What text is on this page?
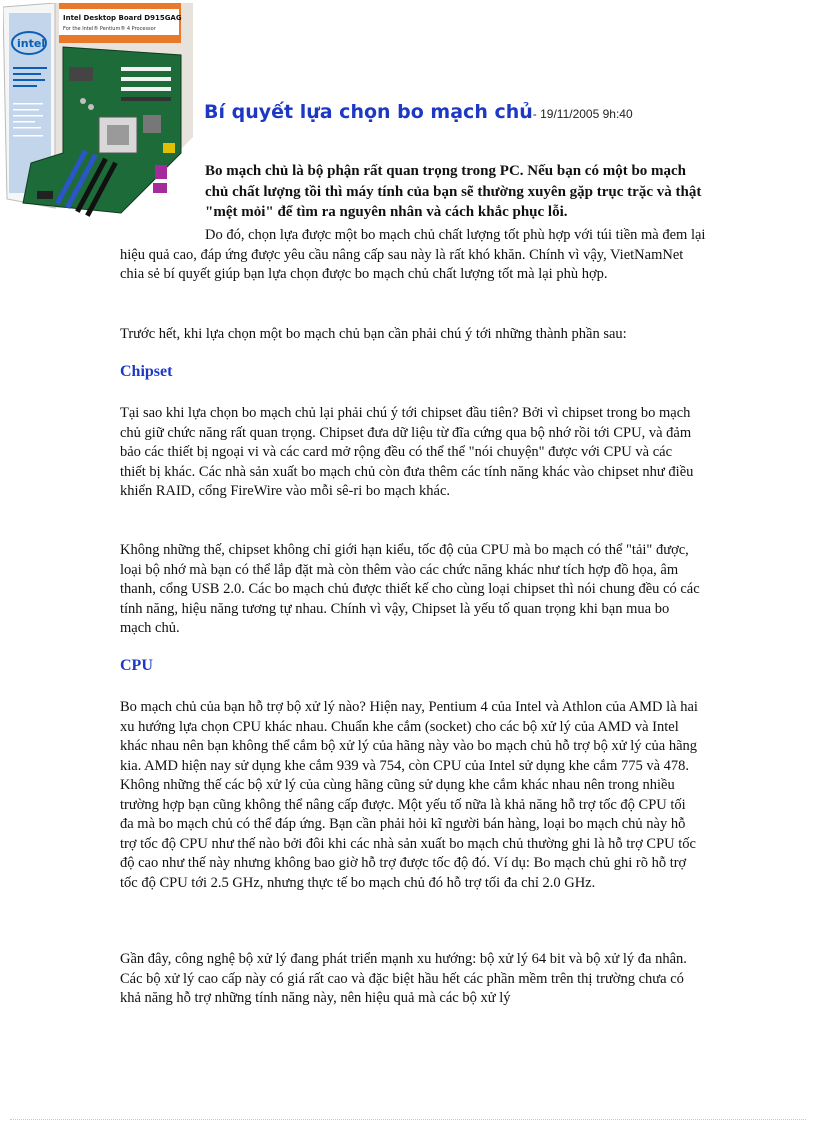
Intel Desktop Board D915GAG
For the Intel® Pentium® 4 Processor
intel
Bí quyết lựa chọn bo mạch chủ- 19/11/2005 9h:40

Bo mạch chủ là bộ phận rất quan trọng trong PC. Nếu bạn có một bo mạch chủ chất lượng tồi thì máy tính của bạn sẽ thường xuyên gặp trục trặc và thật "mệt mỏi" để tìm ra nguyên nhân và cách khắc phục lỗi.

Do đó, chọn lựa được một bo mạch chủ chất lượng tốt phù hợp với túi tiền mà đem lại hiệu quả cao, đáp ứng được yêu cầu nâng cấp sau này là rất khó khăn. Chính vì vậy, VietNamNet chia sẻ bí quyết giúp bạn lựa chọn được bo mạch chủ chất lượng tốt mà lại phù hợp.

Trước hết, khi lựa chọn một bo mạch chủ bạn cần phải chú ý tới những thành phần sau:

Chipset

Tại sao khi lựa chọn bo mạch chủ lại phải chú ý tới chipset đầu tiên? Bởi vì chipset trong bo mạch chủ giữ chức năng rất quan trọng. Chipset đưa dữ liệu từ đĩa cứng qua bộ nhớ rồi tới CPU, và đảm bảo các thiết bị ngoại vi và các card mở rộng đều có thể thể "nói chuyện" được với CPU và các thiết bị khác. Các nhà sản xuất bo mạch chủ còn đưa thêm các tính năng khác vào chipset như điều khiển RAID, cổng FireWire vào mỗi sê-ri bo mạch khác.

Không những thế, chipset không chỉ giới hạn kiểu, tốc độ của CPU mà bo mạch có thể "tải" được, loại bộ nhớ mà bạn có thể lắp đặt mà còn thêm vào các chức năng khác như tích hợp đồ họa, âm thanh, cổng USB 2.0. Các bo mạch chủ được thiết kế cho cùng loại chipset thì nói chung đều có các tính năng, hiệu năng tương tự nhau. Chính vì vậy, Chipset là yếu tố quan trọng khi bạn mua bo mạch chủ.

CPU

Bo mạch chủ của bạn hỗ trợ bộ xử lý nào? Hiện nay, Pentium 4 của Intel và Athlon của AMD là hai xu hướng lựa chọn CPU khác nhau. Chuẩn khe cắm (socket) cho các bộ xử lý của AMD và Intel khác nhau nên bạn không thể cắm bộ xử lý của hãng này vào bo mạch chủ hỗ trợ bộ xử lý của hãng kia. AMD hiện nay sử dụng khe cắm 939 và 754, còn CPU của Intel sử dụng khe cắm 775 và 478. Không những thế các bộ xử lý của cùng hãng cũng sử dụng khe cắm khác nhau nên trong nhiều trường hợp bạn cũng không thể nâng cấp được. Một yếu tố nữa là khả năng hỗ trợ tốc độ CPU tối đa mà bo mạch chủ có thể đáp ứng. Bạn cần phải hỏi kĩ người bán hàng, loại bo mạch chủ này hỗ trợ tốc độ CPU như thế nào bởi đôi khi các nhà sản xuất bo mạch chủ thường ghi là hỗ trợ CPU tốc độ cao như thế này nhưng không bao giờ hỗ trợ được tốc độ đó. Ví dụ: Bo mạch chủ ghi rõ hỗ trợ tốc độ CPU tới 2.5 GHz, nhưng thực tế bo mạch chủ đó hỗ trợ tối đa chỉ 2.0 GHz.

Gần đây, công nghệ bộ xử lý đang phát triển mạnh xu hướng: bộ xử lý 64 bit và bộ xử lý đa nhân. Các bộ xử lý cao cấp này có giá rất cao và đặc biệt hầu hết các phần mềm trên thị trường chưa có khả năng hỗ trợ những tính năng này, nên hiệu quả mà các bộ xử lý
